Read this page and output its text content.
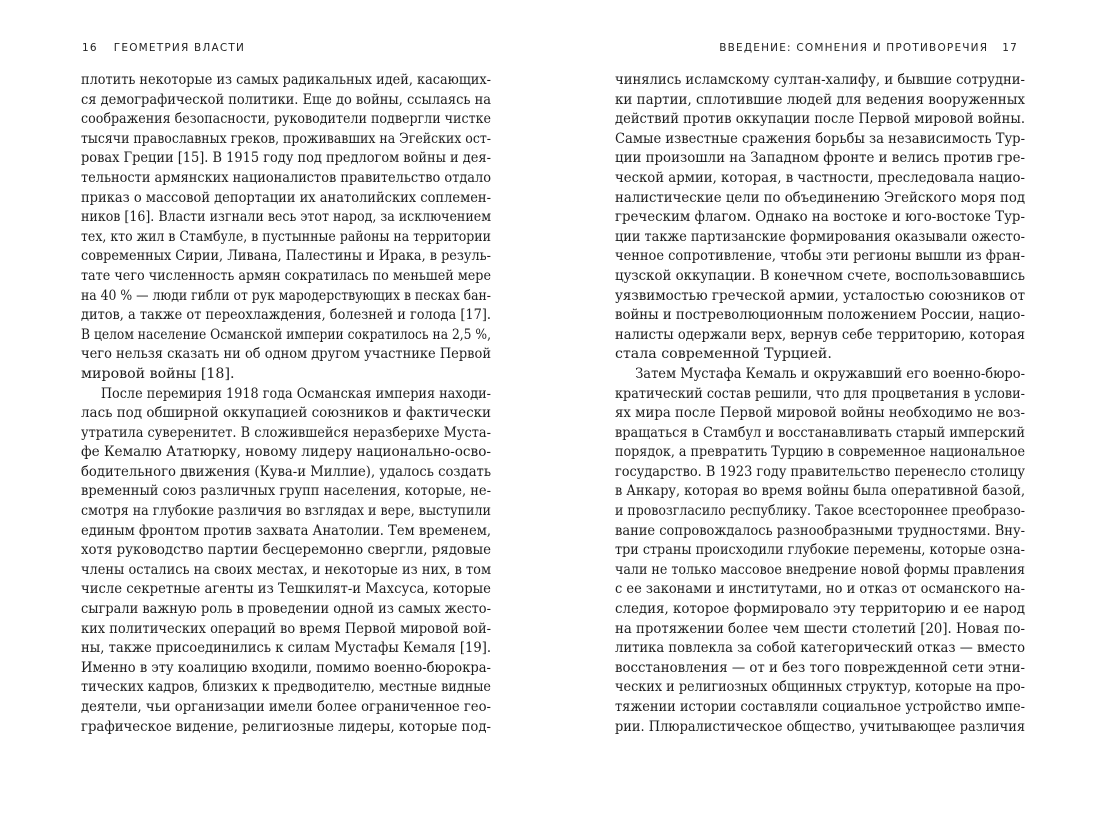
16 ГЕОМЕТРИЯ ВЛАСТИ
плотить некоторые из самых радикальных идей, касающих-
ся демографической политики. Еще до войны, ссылаясь на
соображения безопасности, руководители подвергли чистке
тысячи православных греков, проживавших на Эгейских ост-
ровах Греции [15]. В 1915 году под предлогом войны и дея-
тельности армянских националистов правительство отдало
приказ о массовой депортации их анатолийских соплемен-
ников [16]. Власти изгнали весь этот народ, за исключением
тех, кто жил в Стамбуле, в пустынные районы на территории
современных Сирии, Ливана, Палестины и Ирака, в резуль-
тате чего численность армян сократилась по меньшей мере
на 40 % — люди гибли от рук мародерствующих в песках бан-
дитов, а также от переохлаждения, болезней и голода [17].
В целом население Османской империи сократилось на 2,5 %,
чего нельзя сказать ни об одном другом участнике Первой
мировой войны [18].
После перемирия 1918 года Османская империя находи-
лась под обширной оккупацией союзников и фактически
утратила суверенитет. В сложившейся неразберихе Муста-
фе Кемалю Ататюрку, новому лидеру национально-осво-
бодительного движения (Кува-и Миллие), удалось создать
временный союз различных групп населения, которые, не-
смотря на глубокие различия во взглядах и вере, выступили
единым фронтом против захвата Анатолии. Тем временем,
хотя руководство партии бесцеремонно свергли, рядовые
члены остались на своих местах, и некоторые из них, в том
числе секретные агенты из Тешкилят-и Махсуса, которые
сыграли важную роль в проведении одной из самых жесто-
ких политических операций во время Первой мировой вой-
ны, также присоединились к силам Мустафы Кемаля [19].
Именно в эту коалицию входили, помимо военно-бюрокра-
тических кадров, близких к предводителю, местные видные
деятели, чьи организации имели более ограниченное гео-
графическое видение, религиозные лидеры, которые под-
ВВЕДЕНИЕ: СОМНЕНИЯ И ПРОТИВОРЕЧИЯ 17
чинялись исламскому султан-халифу, и бывшие сотрудни-
ки партии, сплотившие людей для ведения вооруженных
действий против оккупации после Первой мировой войны.
Самые известные сражения борьбы за независимость Тур-
ции произошли на Западном фронте и велись против гре-
ческой армии, которая, в частности, преследовала нацио-
налистические цели по объединению Эгейского моря под
греческим флагом. Однако на востоке и юго-востоке Тур-
ции также партизанские формирования оказывали ожесто-
ченное сопротивление, чтобы эти регионы вышли из фран-
цузской оккупации. В конечном счете, воспользовавшись
уязвимостью греческой армии, усталостью союзников от
войны и постреволюционным положением России, нацио-
налисты одержали верх, вернув себе территорию, которая
стала современной Турцией.
Затем Мустафа Кемаль и окружавший его военно-бюро-
кратический состав решили, что для процветания в услови-
ях мира после Первой мировой войны необходимо не воз-
вращаться в Стамбул и восстанавливать старый имперский
порядок, а превратить Турцию в современное национальное
государство. В 1923 году правительство перенесло столицу
в Анкару, которая во время войны была оперативной базой,
и провозгласило республику. Такое всестороннее преобразо-
вание сопровождалось разнообразными трудностями. Вну-
три страны происходили глубокие перемены, которые озна-
чали не только массовое внедрение новой формы правления
с ее законами и институтами, но и отказ от османского на-
следия, которое формировало эту территорию и ее народ
на протяжении более чем шести столетий [20]. Новая по-
литика повлекла за собой категорический отказ — вместо
восстановления — от и без того поврежденной сети этни-
ческих и религиозных общинных структур, которые на про-
тяжении истории составляли социальное устройство импе-
рии. Плюралистическое общество, учитывающее различия
